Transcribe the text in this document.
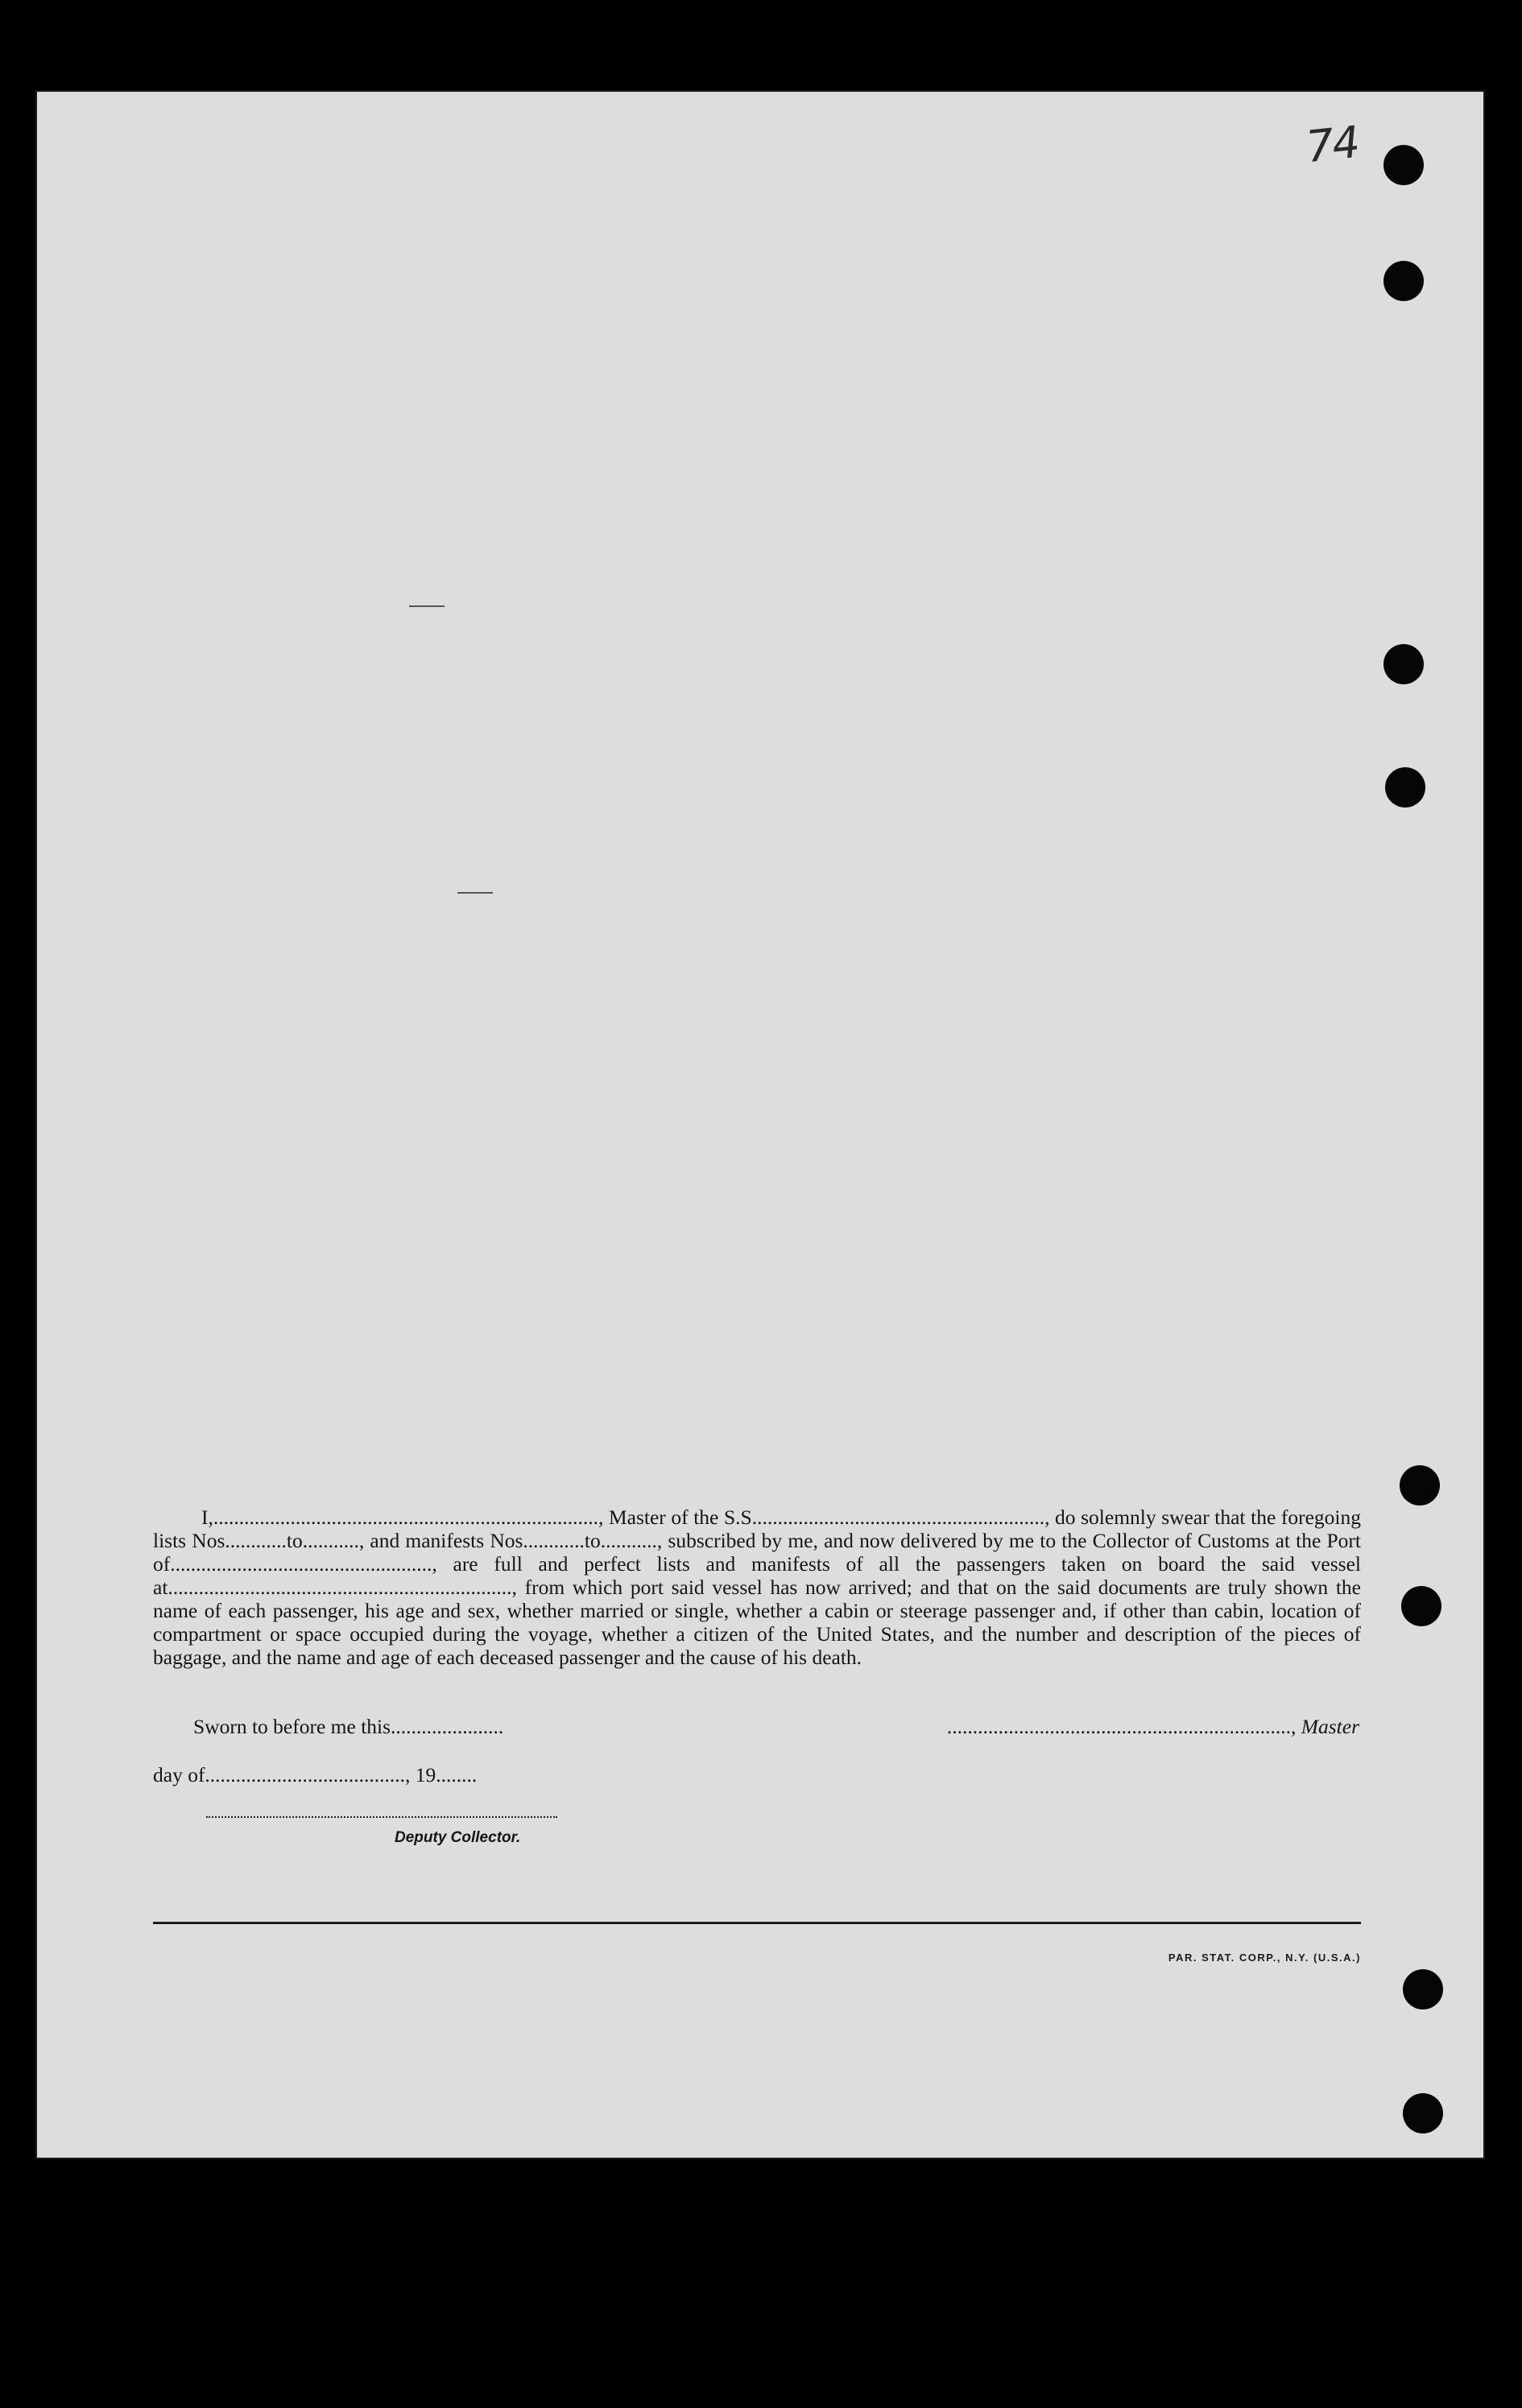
74
I,..........................................................................., Master of the S.S........................................................., do solemnly swear that the foregoing lists Nos............to..........., and manifests Nos............to..........., subscribed by me, and now delivered by me to the Collector of Customs at the Port of..................................................., are full and perfect lists and manifests of all the passengers taken on board the said vessel at..................................................................., from which port said vessel has now arrived; and that on the said documents are truly shown the name of each passenger, his age and sex, whether married or single, whether a cabin or steerage passenger and, if other than cabin, location of compartment or space occupied during the voyage, whether a citizen of the United States, and the number and description of the pieces of baggage, and the name and age of each deceased passenger and the cause of his death.
Sworn to before me this......................	..................................................................., Master
day of......................................., 19........
Deputy Collector.
PAR. STAT. CORP., N.Y. (U.S.A.)
